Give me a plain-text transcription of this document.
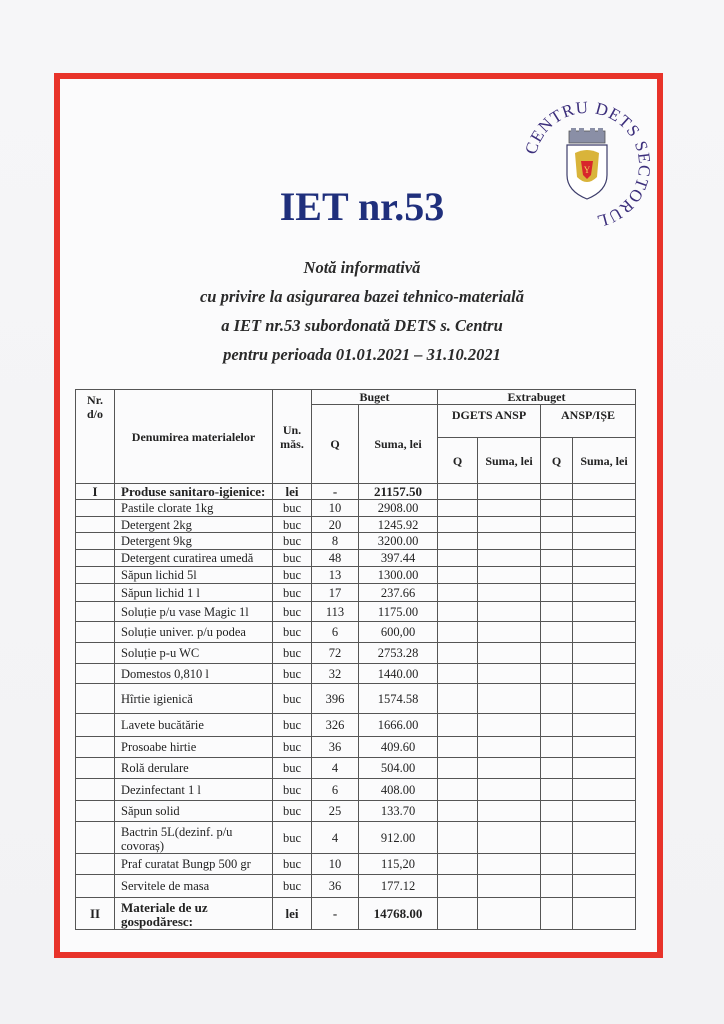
CENTRU DETS SECTORUL
Y
IET nr.53
Notă informativă
cu privire la asigurarea bazei tehnico-materială
a IET nr.53 subordonată DETS s. Centru
pentru perioada 01.01.2021 – 31.10.2021
Nr. d/o	Denumirea materialelor	Un. măs.	Buget		Extrabuget			
			Q	Suma, lei	DGETS ANSP		ANSP/IȘE	
					Q	Suma, lei	Q	Suma, lei
I	Produse sanitaro-igienice:	lei	-	21157.50				
	Pastile clorate 1kg	buc	10	2908.00				
	Detergent 2kg	buc	20	1245.92				
	Detergent 9kg	buc	8	3200.00				
	Detergent curatirea umedă	buc	48	397.44				
	Săpun lichid 5l	buc	13	1300.00				
	Săpun lichid 1 l	buc	17	237.66				
	Soluție p/u vase Magic 1l	buc	113	1175.00				
	Soluție univer. p/u podea	buc	6	600,00				
	Soluție p-u WC	buc	72	2753.28				
	Domestos 0,810 l	buc	32	1440.00				
	Hîrtie igienică	buc	396	1574.58				
	Lavete bucătărie	buc	326	1666.00				
	Prosoabe hirtie	buc	36	409.60				
	Rolă derulare	buc	4	504.00				
	Dezinfectant 1 l	buc	6	408.00				
	Săpun solid	buc	25	133.70				
	Bactrin 5L(dezinf. p/u covoraș)	buc	4	912.00				
	Praf curatat Bungp 500 gr	buc	10	115,20				
	Servitele de masa	buc	36	177.12				
II	Materiale de uz gospodăresc:	lei	-	14768.00				
